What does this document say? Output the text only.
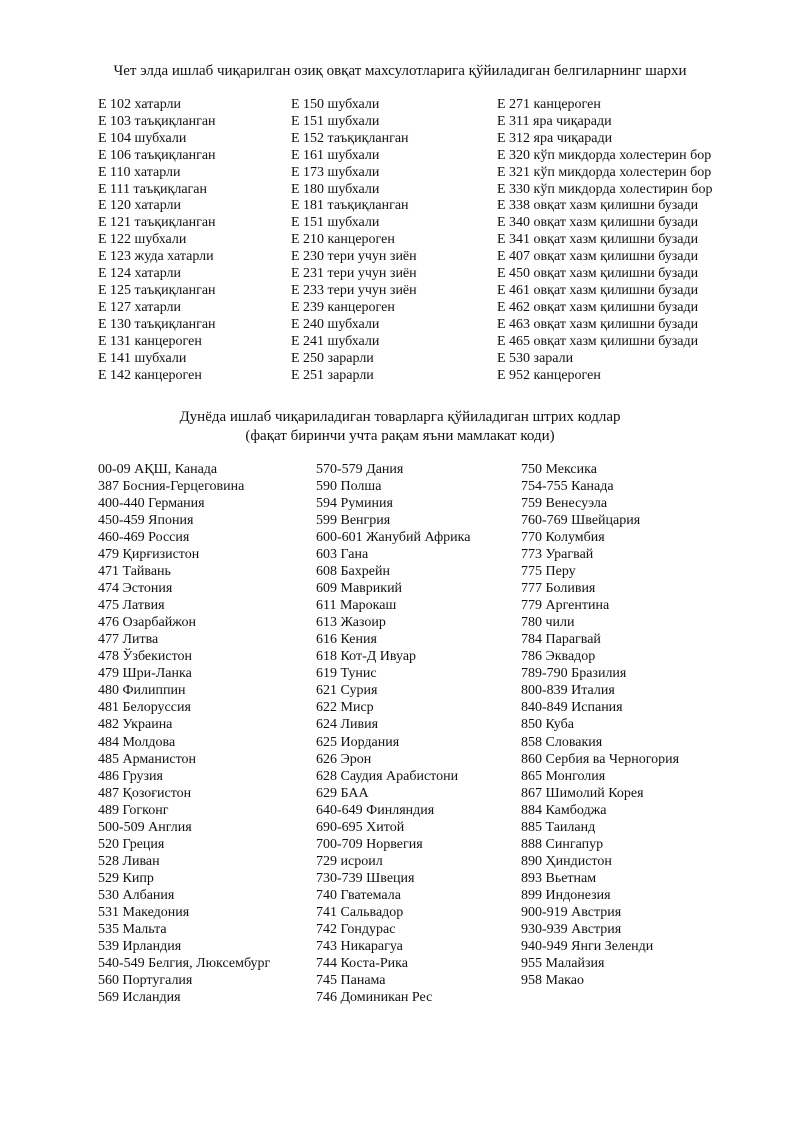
Чет элда ишлаб чиқарилган озиқ овқат махсулотларига қўйиладиган белгиларнинг шархи
Е 102 хатарли
Е 103 таъқиқланган
Е 104 шубхали
Е 106 таъқиқланган
Е 110 хатарли
Е 111 таъқиқлаган
Е 120 хатарли
Е 121 таъқиқланган
Е 122 шубхали
Е 123 жуда хатарли
Е 124 хатарли
Е 125 таъқиқланган
Е 127 хатарли
Е 130 таъқиқланган
Е 131 канцероген
Е 141 шубхали
Е 142 канцероген
Е 150 шубхали
Е 151 шубхали
Е 152 таъқиқланган
Е 161 шубхали
Е 173 шубхали
Е 180 шубхали
Е 181 таъқиқланган
Е 151 шубхали
Е 210 канцероген
Е 230 тери учун зиён
Е 231 тери учун зиён
Е 233 тери учун зиён
Е 239 канцероген
Е 240 шубхали
Е 241 шубхали
Е 250 зарарли
Е 251 зарарли
Е 271 канцероген
Е 311 яра чиқаради
Е 312 яра чиқаради
Е 320 кўп микдорда холестерин бор
Е 321 кўп микдорда холестерин бор
Е 330 кўп микдорда холестирин бор
Е 338 овқат хазм қилишни бузади
Е 340 овқат хазм қилишни бузади
Е 341 овқат хазм қилишни бузади
Е 407 овқат хазм қилишни бузади
Е 450 овқат хазм қилишни бузади
Е 461 овқат хазм қилишни бузади
Е 462 овқат хазм қилишни бузади
Е 463 овқат хазм қилишни бузади
Е 465 овқат хазм қилишни бузади
Е 530 зарали
Е 952 канцероген
Дунёда ишлаб чиқариладиган товарларга қўйиладиган штрих кодлар
(фақат биринчи учта рақам яъни мамлакат коди)
00-09 АҚШ, Канада
387 Босния-Герцеговина
400-440 Германия
450-459 Япония
460-469 Россия
479 Қирғизистон
471 Тайвань
474 Эстония
475 Латвия
476 Озарбайжон
477 Литва
478 Ўзбекистон
479 Шри-Ланка
480 Филиппин
481 Белоруссия
482 Украина
484 Молдова
485 Арманистон
486 Грузия
487 Қозоғистон
489 Гогконг
500-509 Англия
520 Греция
528 Ливан
529 Кипр
530 Албания
531 Македония
535 Мальта
539 Ирландия
540-549 Белгия, Люксембург
560 Португалия
569 Исландия
570-579 Дания
590 Полша
594 Руминия
599 Венгрия
600-601 Жанубий Африка
603 Гана
608 Бахрейн
609 Маврикий
611 Марокаш
613 Жазоир
616 Кения
618 Кот-Д Ивуар
619 Тунис
621 Сурия
622 Миср
624 Ливия
625 Иордания
626 Эрон
628 Саудия Арабистони
629 БАА
640-649 Финляндия
690-695 Хитой
700-709 Норвегия
729 исроил
730-739 Швеция
740 Гватемала
741 Сальвадор
742 Гондурас
743 Никарагуа
744 Коста-Рика
745 Панама
746 Доминикан Рес
750 Мексика
754-755 Канада
759 Венесуэла
760-769 Швейцария
770 Колумбия
773 Урагвай
775 Перу
777 Боливия
779 Аргентина
780 чили
784 Парагвай
786 Эквадор
789-790 Бразилия
800-839 Италия
840-849 Испания
850 Куба
858 Словакия
860 Сербия ва Черногория
865 Монголия
867 Шимолий Корея
884 Камбоджа
885 Таиланд
888 Сингапур
890 Ҳиндистон
893 Вьетнам
899 Индонезия
900-919 Австрия
930-939 Австрия
940-949 Янги Зеленди
955 Малайзия
958 Макао
